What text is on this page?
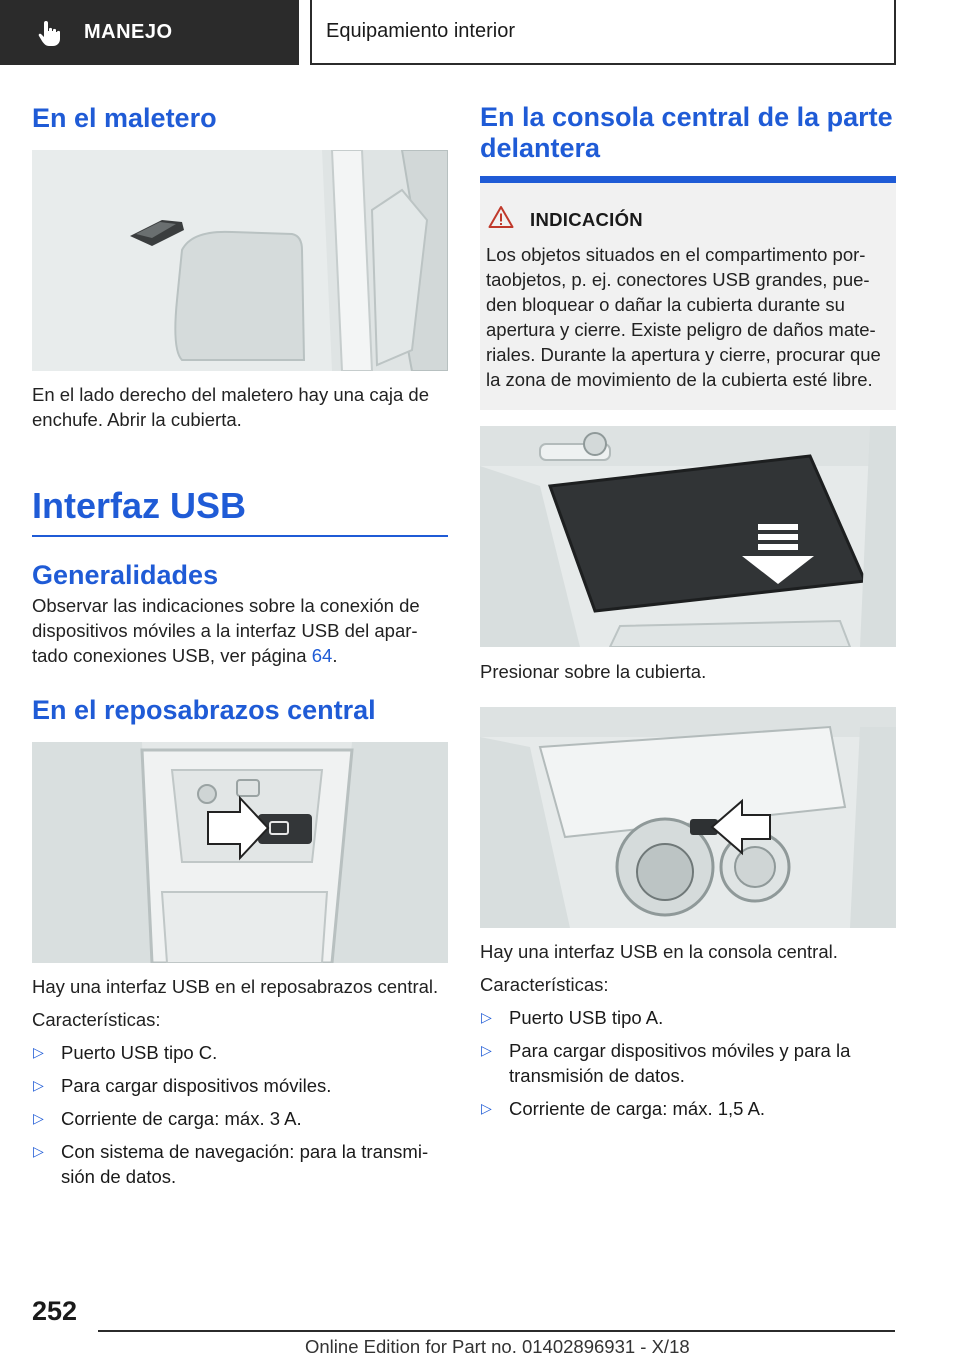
MANEJO	Equipamiento interior
En el maletero

En el lado derecho del maletero hay una caja de enchufe. Abrir la cubierta.

Interfaz USB
Generalidades

Observar las indicaciones sobre la conexión de dispositivos móviles a la interfaz USB del apar-tado conexiones USB, ver página 64.

En el reposabrazos central

Hay una interfaz USB en el reposabrazos central.

Características:

▷ Puerto USB tipo C.
▷ Para cargar dispositivos móviles.
▷ Corriente de carga: máx. 3 A.
▷ Con sistema de navegación: para la transmi-sión de datos.
En la consola central de la parte delantera
INDICACIÓN

Los objetos situados en el compartimento por-taobjetos, p. ej. conectores USB grandes, pue-den bloquear o dañar la cubierta durante su apertura y cierre. Existe peligro de daños mate-riales. Durante la apertura y cierre, procurar que la zona de movimiento de la cubierta esté libre.

Presionar sobre la cubierta.

Hay una interfaz USB en la consola central.

Características:

▷ Puerto USB tipo A.
▷ Para cargar dispositivos móviles y para la transmisión de datos.
▷ Corriente de carga: máx. 1,5 A.
252
Online Edition for Part no. 01402896931 - X/18
